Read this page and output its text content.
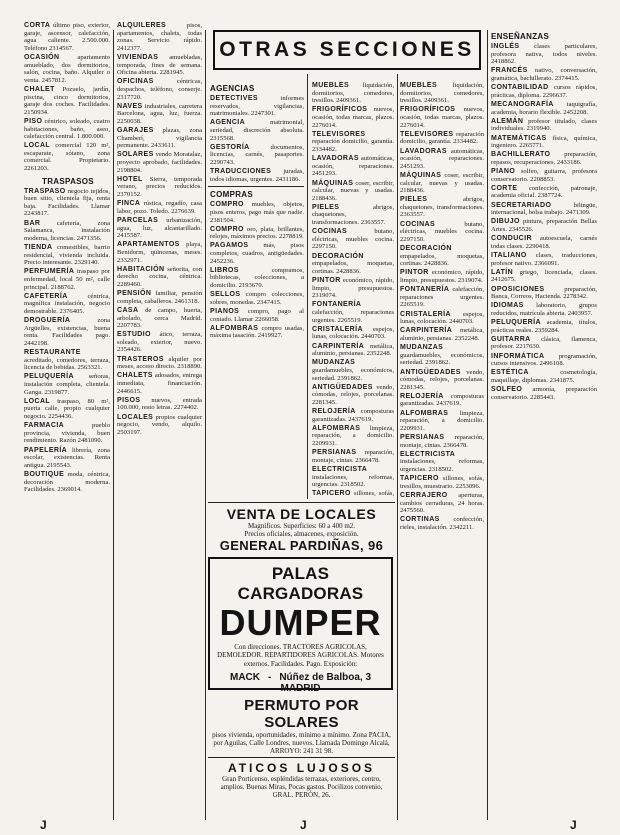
CORTA último piso, exterior, garaje, ascensor, calefacción, agua caliente. 2.500.000. Teléfono 2314567.
OCASIÓN	apartamento amueblado, dos dormitorios, salón, cocina, baño. Alquiler o venta. 2457812.
CHALET Pozuelo, jardín, piscina, cinco dormitorios, garaje dos coches. Facilidades. 2150934.
PISO céntrico, soleado, cuatro habitaciones, baño, aseo, calefacción central. 1.800.000.
LOCAL comercial 120 m², escaparate, sótano, zona comercial. Propietario. 2261203.
TRASPASOS
TRASPASO negocio tejidos, buen sitio, clientela fija, renta baja. Facilidades. Llamar 2243817.
BAR cafetería, zona Salamanca, instalación moderna, licencias. 2471356.
TIENDA comestibles, barrio residencial, vivienda incluida. Precio interesante. 2329140.
PERFUMERÍA traspaso por enfermedad, local 50 m², calle principal. 2188762.
CAFETERÍA	céntrica, magnífica instalación, negocio demostrable. 2376405.
DROGUERÍA	zona Argüelles, existencias, buena renta. Facilidades pago. 2442198.
RESTAURANTE acreditado, comedores, terraza, licencia de bebidas. 2563321.
PELUQUERÍA señoras, instalación completa, clientela. Ganga. 2319877.
LOCAL traspaso, 80 m², puerta calle, propio cualquier negocio. 2254436.
FARMACIA	pueblo provincia, vivienda, buen rendimiento. Razón 2481090.
PAPELERÍA librería, zona escolar, existencias. Renta antigua. 2195543.
BOUTIQUE moda, céntrica, decoración moderna. Facilidades. 2369014.
ALQUILERES	pisos, apartamentos, chalets, todas zonas. Servicio rápido. 2412377.
VIVIENDAS amuebladas, temporada, fines de semana. Oficina abierta. 2281945.
OFICINAS	céntricas, despachos, teléfono, conserje. 2317720.
NAVES industriales, carretera Barcelona, agua, luz, fuerza. 2250038.
GARAJES plazas, zona Chamberí, vigilancia permanente. 2433611.
SOLARES vendo Moratalaz, proyecto aprobado, facilidades. 2198804.
HOTEL Sierra, temporada verano, precios reducidos. 2370152.
FINCA rústica, regadío, casa labor, pozo. Toledo. 2276639.
PARCELAS urbanización, agua, luz, alcantarillado. 2415587.
APARTAMENTOS playa, Benidorm, quincenas, meses. 2332971.
HABITACIÓN señorita, con derecho cocina, céntrica. 2289460.
PENSIÓN familiar, pensión completa, caballeros. 2461318.
CASA de campo, huerta, arbolado, cerca Madrid. 2207783.
ESTUDIO ático, terraza, soleado, exterior, nuevo. 2354426.
TRASTEROS alquiler por meses, acceso directo. 2318890.
CHALETS adosados, entrega inmediata, financiación. 2446615.
PISOS nuevos, entrada 100.000, resto letras. 2274402.
LOCALES propios cualquier negocio, vendo, alquilo. 2503197.
OTRAS SECCIONES
AGENCIAS
DETECTIVES	informes reservados, vigilancias, matrimoniales. 2247301.
AGENCIA	matrimonial, seriedad, discreción absoluta. 2315568.
GESTORÍA	documentos, licencias, carnés, pasaportes. 2290743.
TRADUCCIONES juradas, todos idiomas, urgentes. 2431186.
COMPRAS
COMPRO muebles, objetos, pisos enteros, pago más que nadie. 2381504.
COMPRO oro, plata, brillantes, relojes, máximos precios. 2278819.
PAGAMOS más, pisos completos, cuadros, antigüedades. 2452236.
LIBROS	compramos, bibliotecas, colecciones, a domicilio. 2193670.
SELLOS compro colecciones, sobres, monedas. 2347415.
PIANOS compro, pago al contado. Llamar 2266058.
ALFOMBRAS compro usadas, máxima tasación. 2419927.
MUEBLES liquidación, dormitorios, comedores, tresillos. 2409361.
FRIGORÍFICOS nuevos, ocasión, todas marcas, plazos. 2276014.
TELEVISORES reparación domicilio, garantía. 2334482.
LAVADORAS automáticas, ocasión, reparaciones. 2451293.
MÁQUINAS coser, escribir, calcular, nuevas y usadas. 2188436.
PIELES	abrigos, chaquetones, transformaciones. 2363557.
COCINAS	butano, eléctricas, muebles cocina. 2297150.
DECORACIÓN empapelados, moquetas, cortinas. 2428836.
PINTOR económico, rápido, limpio, presupuestos. 2319074.
FONTANERÍA calefacción, reparaciones urgentes. 2265519.
CRISTALERÍA espejos, lunas, colocación. 2440703.
CARPINTERÍA metálica, aluminio, persianas. 2352248.
MUDANZAS guardamuebles, económicos, seriedad. 2391862.
ANTIGÜEDADES vendo, cómodas, relojes, porcelanas. 2281345.
RELOJERÍA composturas garantizadas. 2437619.
ALFOMBRAS limpieza, reparación, a domicilio. 2209931.
PERSIANAS reparación, montaje, cintas. 2366478.
ELECTRICISTA instalaciones, reformas, urgencias. 2318502.
TAPICERO sillones, sofás,
MUEBLES liquidación, dormitorios, comedores, tresillos. 2409361.
FRIGORÍFICOS nuevos, ocasión, todas marcas, plazos. 2276014.
TELEVISORES reparación domicilio, garantía. 2334482.
LAVADORAS automáticas, ocasión, reparaciones. 2451293.
MÁQUINAS coser, escribir, calcular, nuevas y usadas. 2188436.
PIELES	abrigos, chaquetones, transformaciones. 2363557.
COCINAS	butano, eléctricas, muebles cocina. 2297150.
DECORACIÓN empapelados, moquetas, cortinas. 2428836.
PINTOR económico, rápido, limpio, presupuestos. 2319074.
FONTANERÍA calefacción, reparaciones urgentes. 2265519.
CRISTALERÍA espejos, lunas, colocación. 2440703.
CARPINTERÍA metálica, aluminio, persianas. 2352248.
MUDANZAS guardamuebles, económicos, seriedad. 2391862.
ANTIGÜEDADES vendo, cómodas, relojes, porcelanas. 2281345.
RELOJERÍA composturas garantizadas. 2437619.
ALFOMBRAS limpieza, reparación, a domicilio. 2209931.
PERSIANAS reparación, montaje, cintas. 2366478.
ELECTRICISTA instalaciones, reformas, urgencias. 2318502.
TAPICERO sillones, sofás, tresillos, muestrario. 2253096.
CERRAJERO aperturas, cambios cerraduras, 24 horas. 2475560.
CORTINAS confección, rieles, instalación. 2342211.
ENSEÑANZAS
INGLÉS clases particulares, profesora nativa, todos niveles. 2418862.
FRANCÉS nativo, conversación, gramática, bachillerato. 2374415.
CONTABILIDAD cursos rápidos, prácticas, diploma. 2296637.
MECANOGRAFÍA taquigrafía, academia, horario flexible. 2452208.
ALEMÁN profesor titulado, clases individuales. 2319940.
MATEMÁTICAS física, química, ingeniero. 2265771.
BACHILLERATO preparación, repasos, recuperaciones. 2433186.
PIANO solfeo, guitarra, profesora conservatorio. 2208853.
CORTE confección, patronaje, academia oficial. 2387724.
SECRETARIADO	bilingüe, internacional, bolsa trabajo. 2471309.
DIBUJO pintura, preparación Bellas Artes. 2345526.
CONDUCIR autoescuela, carnés todas clases. 2290418.
ITALIANO clases, traducciones, profesor nativo. 2366091.
LATÍN griego, licenciada, clases. 2412675.
OPOSICIONES	preparación, Banca, Correos, Hacienda. 2278342.
IDIOMAS laboratorio, grupos reducidos, matrícula abierta. 2403957.
PELUQUERÍA academia, títulos, prácticas reales. 2359284.
GUITARRA clásica, flamenca, profesor. 2217630.
INFORMÁTICA programación, cursos intensivos. 2496108.
ESTÉTICA	cosmetología, maquillaje, diplomas. 2341875.
SOLFEO armonía, preparación conservatorio. 2285443.
VENTA DE LOCALES
Magníficos. Superficies: 60 a 400 m2.
Precios oficiales, almacenes, exposición.
GENERAL PARDIÑAS, 96
PALAS CARGADORAS
DUMPER
Con direcciones. TRACTORES AGRICOLAS, DEMOLEDOR. REPARTIDORES AGRICOLAS. Motores externos. Facilidades. Pago. Exposición:
MACK - Núñez de Balboa, 3
MADRID
PERMUTO POR SOLARES
pisos vivienda, oportunidades, mínimo a mínimo. Zona PACIA, por Aguilas, Calle Londres, nuevos. Llamada Domingo Alcalá, ARROYO: 241 31 98.
ATICOS LUJOSOS
Gran Porticenso, espléndidas terrazas, exteriores, centro, amplios. Buenas Miras, Pocas gastos. Pocilizos convenio, GRAL. PERÓN, 26.
J	J	J
